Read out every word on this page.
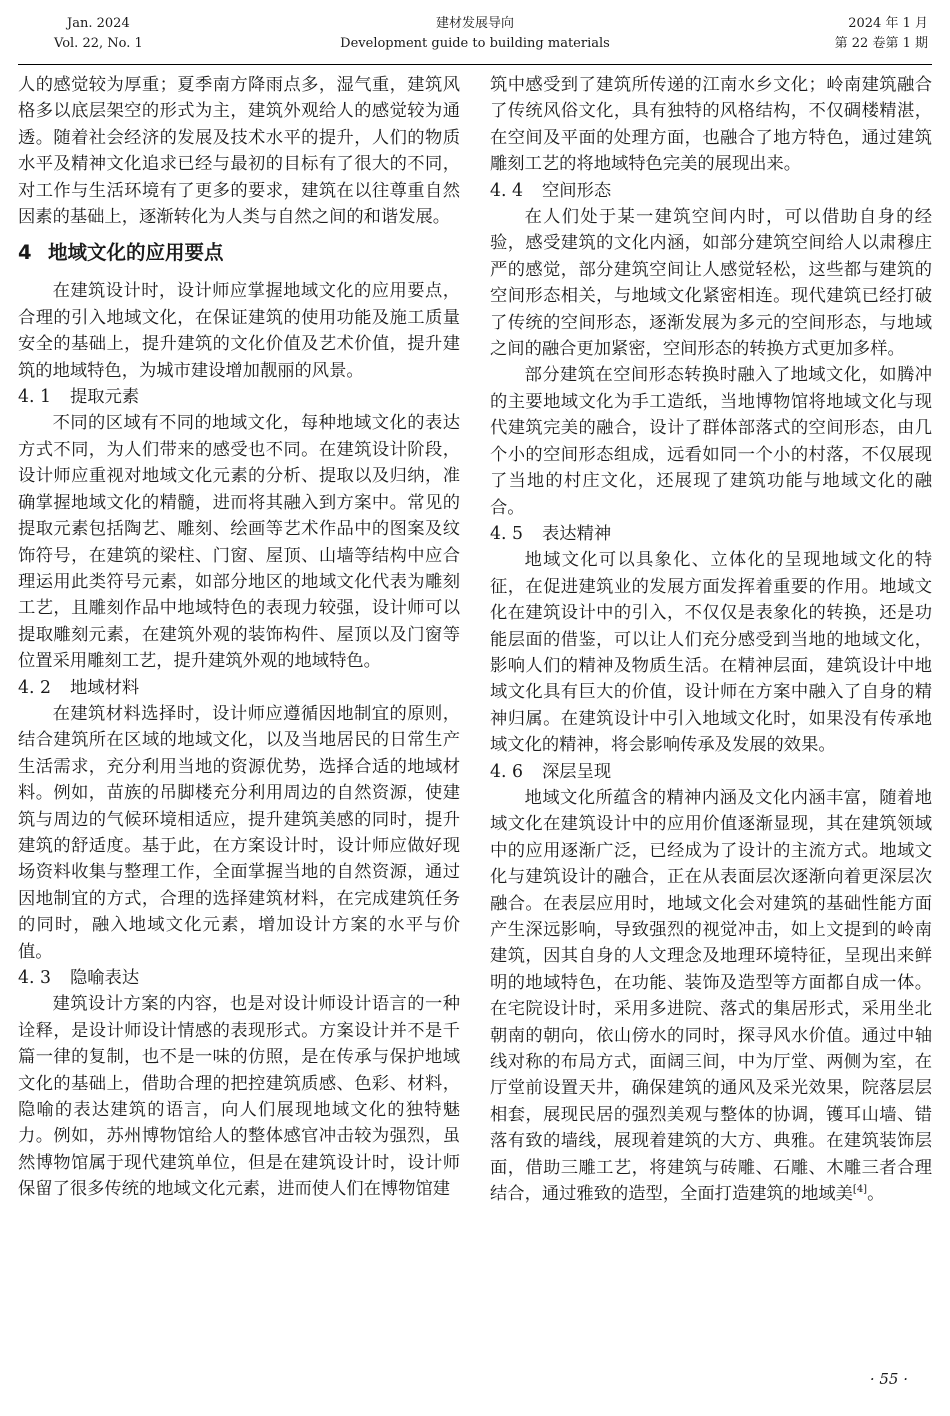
Jan. 2024
Vol. 22, No. 1
建材发展导向
Development guide to building materials
2024 年 1 月
第 22 卷第 1 期

人的感觉较为厚重；夏季南方降雨点多，湿气重，建筑风格多以底层架空的形式为主，建筑外观给人的感觉较为通透。随着社会经济的发展及技术水平的提升，人们的物质水平及精神文化追求已经与最初的目标有了很大的不同，对工作与生活环境有了更多的要求，建筑在以往尊重自然因素的基础上，逐渐转化为人类与自然之间的和谐发展。

4 地域文化的应用要点

在建筑设计时，设计师应掌握地域文化的应用要点，合理的引入地域文化，在保证建筑的使用功能及施工质量安全的基础上，提升建筑的文化价值及艺术价值，提升建筑的地域特色，为城市建设增加靓丽的风景。

4. 1 提取元素

不同的区域有不同的地域文化，每种地域文化的表达方式不同，为人们带来的感受也不同。在建筑设计阶段，设计师应重视对地域文化元素的分析、提取以及归纳，准确掌握地域文化的精髓，进而将其融入到方案中。常见的提取元素包括陶艺、雕刻、绘画等艺术作品中的图案及纹饰符号，在建筑的梁柱、门窗、屋顶、山墙等结构中应合理运用此类符号元素，如部分地区的地域文化代表为雕刻工艺，且雕刻作品中地域特色的表现力较强，设计师可以提取雕刻元素，在建筑外观的装饰构件、屋顶以及门窗等位置采用雕刻工艺，提升建筑外观的地域特色。

4. 2 地域材料

在建筑材料选择时，设计师应遵循因地制宜的原则，结合建筑所在区域的地域文化，以及当地居民的日常生产生活需求，充分利用当地的资源优势，选择合适的地域材料。例如，苗族的吊脚楼充分利用周边的自然资源，使建筑与周边的气候环境相适应，提升建筑美感的同时，提升建筑的舒适度。基于此，在方案设计时，设计师应做好现场资料收集与整理工作，全面掌握当地的自然资源，通过因地制宜的方式，合理的选择建筑材料，在完成建筑任务的同时，融入地域文化元素，增加设计方案的水平与价值。

4. 3 隐喻表达

建筑设计方案的内容，也是对设计师设计语言的一种诠释，是设计师设计情感的表现形式。方案设计并不是千篇一律的复制，也不是一味的仿照，是在传承与保护地域文化的基础上，借助合理的把控建筑质感、色彩、材料，隐喻的表达建筑的语言，向人们展现地域文化的独特魅力。例如，苏州博物馆给人的整体感官冲击较为强烈，虽然博物馆属于现代建筑单位，但是在建筑设计时，设计师保留了很多传统的地域文化元素，进而使人们在博物馆建

筑中感受到了建筑所传递的江南水乡文化；岭南建筑融合了传统风俗文化，具有独特的风格结构，不仅碉楼精湛，在空间及平面的处理方面，也融合了地方特色，通过建筑雕刻工艺的将地域特色完美的展现出来。

4. 4 空间形态

在人们处于某一建筑空间内时，可以借助自身的经验，感受建筑的文化内涵，如部分建筑空间给人以肃穆庄严的感觉，部分建筑空间让人感觉轻松，这些都与建筑的空间形态相关，与地域文化紧密相连。现代建筑已经打破了传统的空间形态，逐渐发展为多元的空间形态，与地域之间的融合更加紧密，空间形态的转换方式更加多样。

部分建筑在空间形态转换时融入了地域文化，如腾冲的主要地域文化为手工造纸，当地博物馆将地域文化与现代建筑完美的融合，设计了群体部落式的空间形态，由几个小的空间形态组成，远看如同一个小的村落，不仅展现了当地的村庄文化，还展现了建筑功能与地域文化的融合。

4. 5 表达精神

地域文化可以具象化、立体化的呈现地域文化的特征，在促进建筑业的发展方面发挥着重要的作用。地域文化在建筑设计中的引入，不仅仅是表象化的转换，还是功能层面的借鉴，可以让人们充分感受到当地的地域文化，影响人们的精神及物质生活。在精神层面，建筑设计中地域文化具有巨大的价值，设计师在方案中融入了自身的精神归属。在建筑设计中引入地域文化时，如果没有传承地域文化的精神，将会影响传承及发展的效果。

4. 6 深层呈现

地域文化所蕴含的精神内涵及文化内涵丰富，随着地域文化在建筑设计中的应用价值逐渐显现，其在建筑领域中的应用逐渐广泛，已经成为了设计的主流方式。地域文化与建筑设计的融合，正在从表面层次逐渐向着更深层次融合。在表层应用时，地域文化会对建筑的基础性能方面产生深远影响，导致强烈的视觉冲击，如上文提到的岭南建筑，因其自身的人文理念及地理环境特征，呈现出来鲜明的地域特色，在功能、装饰及造型等方面都自成一体。在宅院设计时，采用多进院、落式的集居形式，采用坐北朝南的朝向，依山傍水的同时，探寻风水价值。通过中轴线对称的布局方式，面阔三间，中为厅堂、两侧为室，在厅堂前设置天井，确保建筑的通风及采光效果，院落层层相套，展现民居的强烈美观与整体的协调，镬耳山墙、错落有致的墙线，展现着建筑的大方、典雅。在建筑装饰层面，借助三雕工艺，将建筑与砖雕、石雕、木雕三者合理结合，通过雅致的造型，全面打造建筑的地域美[4]。

· 55 ·
